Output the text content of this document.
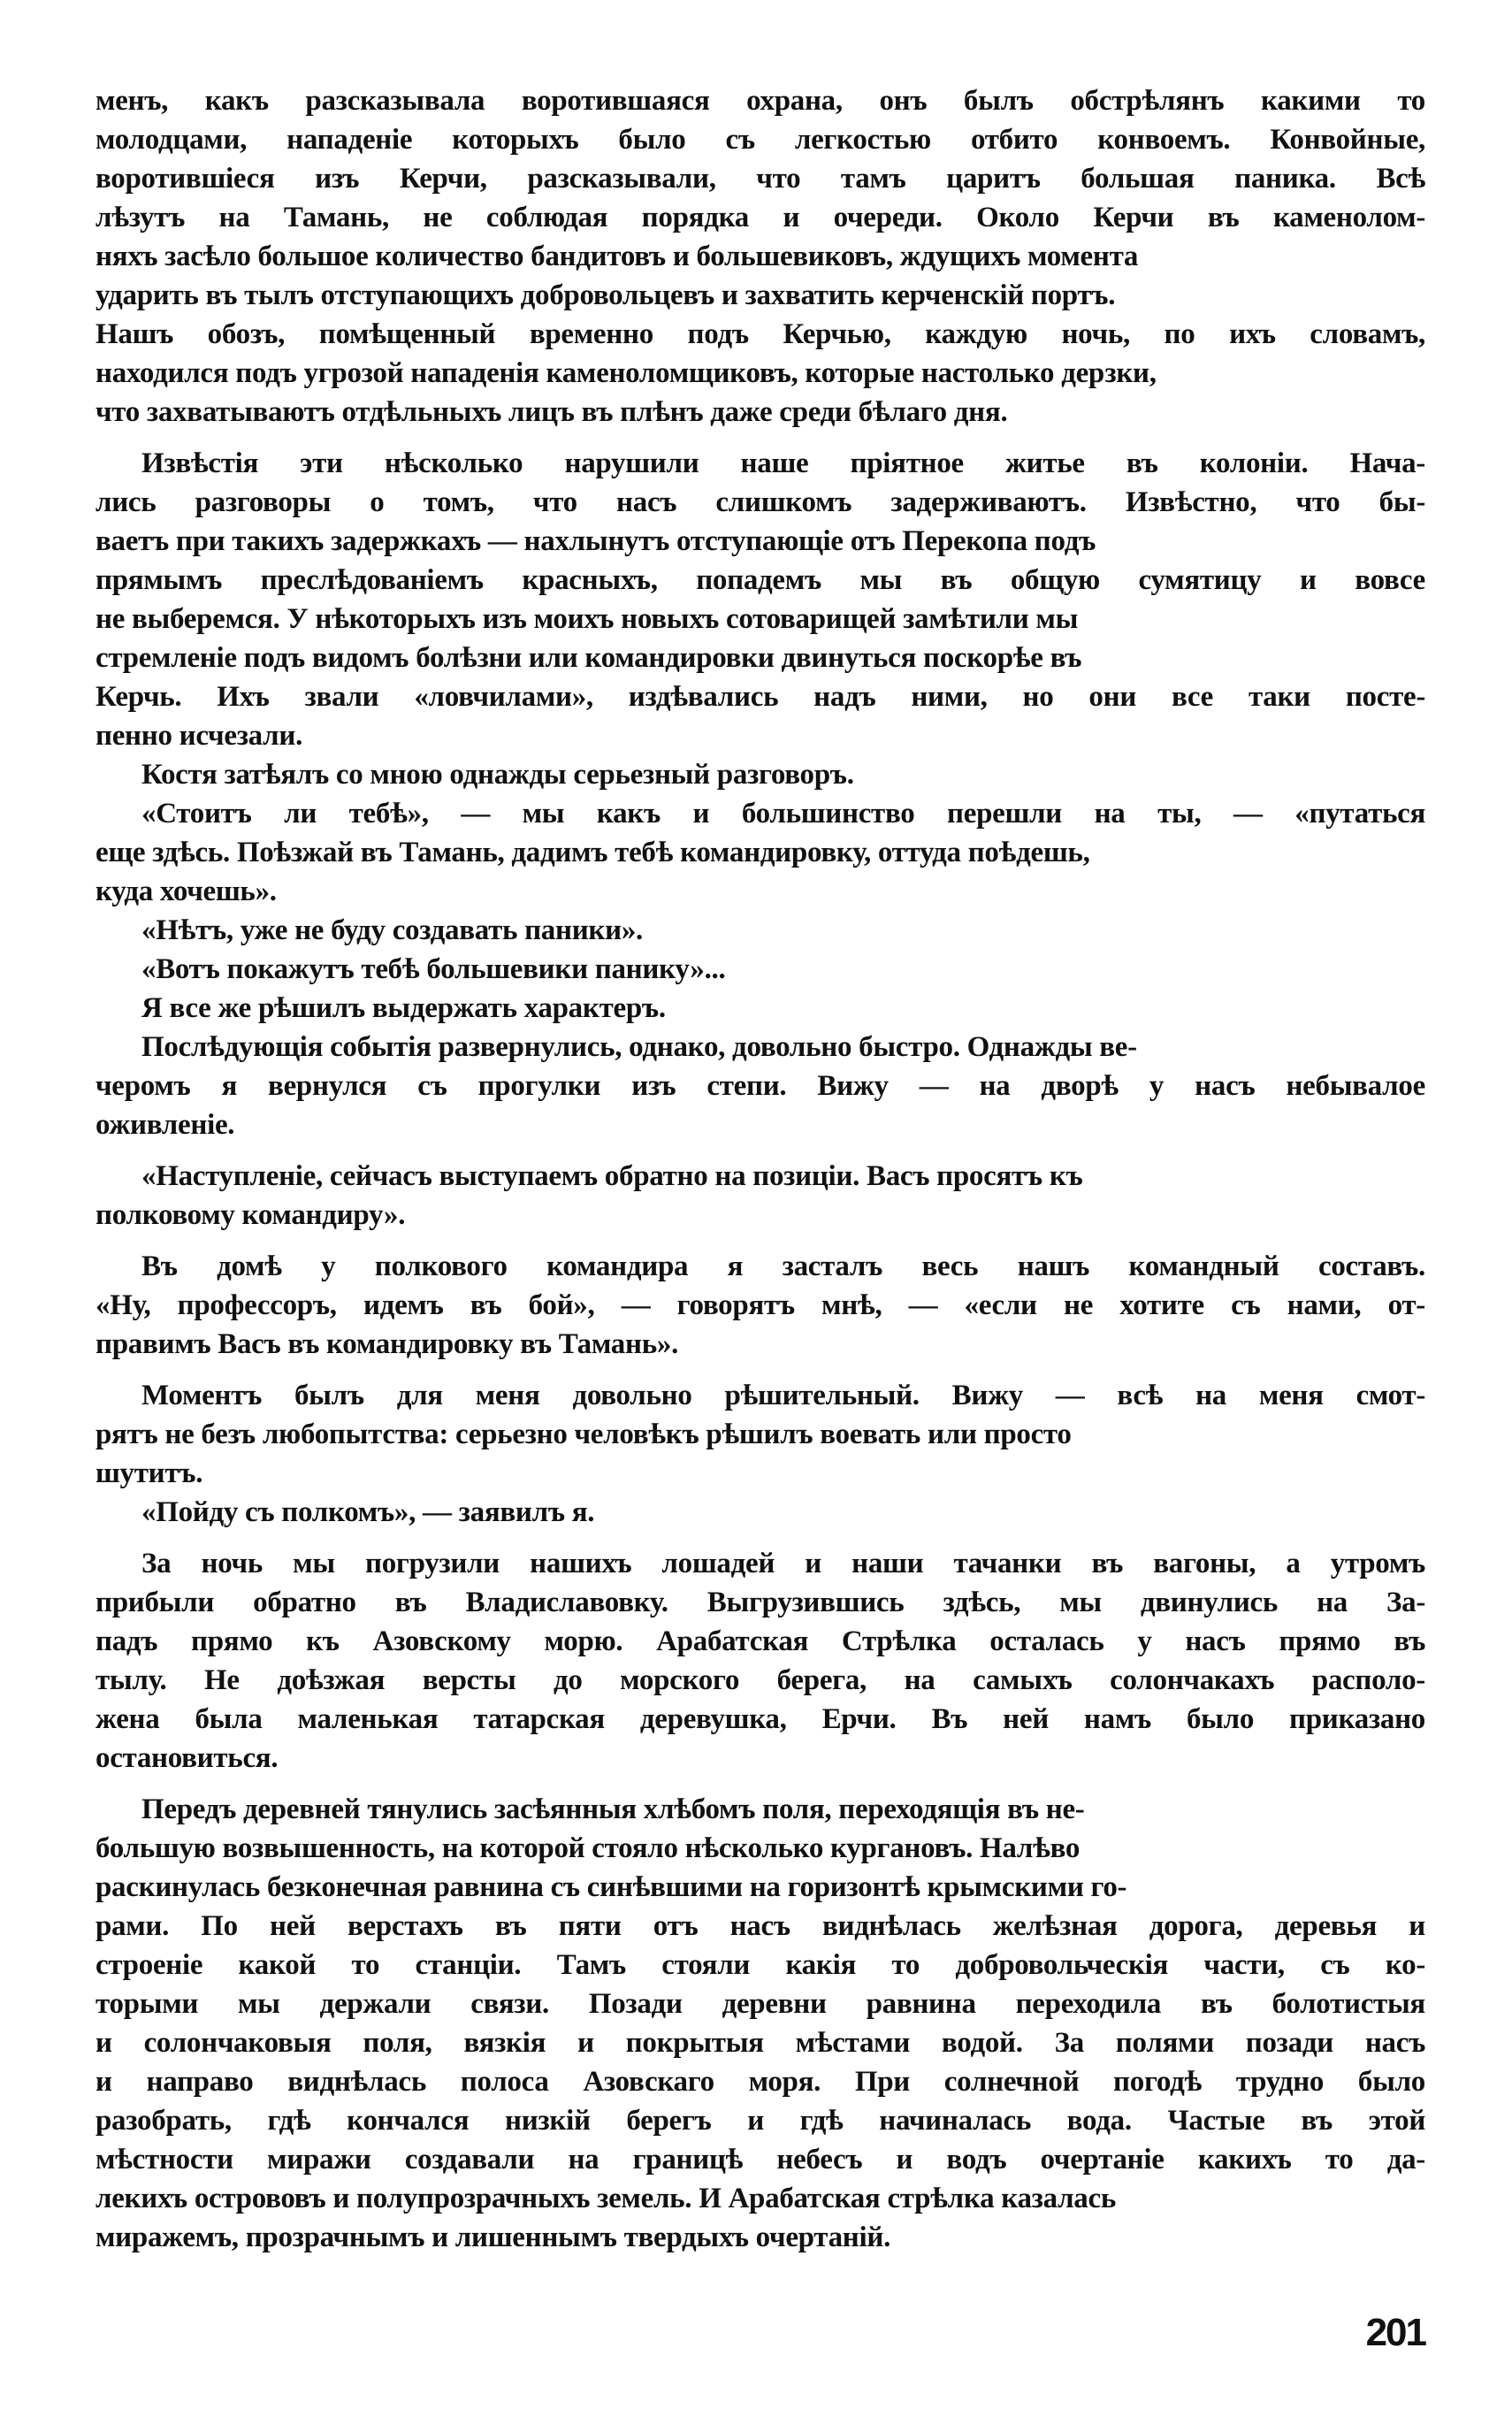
менъ, какъ разсказывала воротившаяся охрана, онъ былъ обстрѣлянъ какими то
молодцами, нападеніе которыхъ было съ легкостью отбито конвоемъ. Конвойные,
воротившіеся изъ Керчи, разсказывали, что тамъ царитъ большая паника. Всѣ
лѣзутъ на Тамань, не соблюдая порядка и очереди. Около Керчи въ каменолом-
няхъ засѣло большое количество бандитовъ и большевиковъ, ждущихъ момента
ударить въ тылъ отступающихъ добровольцевъ и захватить керченскій портъ.
Нашъ обозъ, помѣщенный временно подъ Керчью, каждую ночь, по ихъ словамъ,
находился подъ угрозой нападенія каменоломщиковъ, которые настолько дерзки,
что захватываютъ отдѣльныхъ лицъ въ плѣнъ даже среди бѣлаго дня.
Извѣстія эти нѣсколько нарушили наше пріятное житье въ колоніи. Нача-
лись разговоры о томъ, что насъ слишкомъ задерживаютъ. Извѣстно, что бы-
ваетъ при такихъ задержкахъ — нахлынутъ отступающіе отъ Перекопа подъ
прямымъ преслѣдованіемъ красныхъ, попадемъ мы въ общую сумятицу и вовсе
не выберемся. У нѣкоторыхъ изъ моихъ новыхъ сотоварищей замѣтили мы
стремленіе подъ видомъ болѣзни или командировки двинуться поскорѣе въ
Керчь. Ихъ звали «ловчилами», издѣвались надъ ними, но они все таки посте-
пенно исчезали.
Костя затѣялъ со мною однажды серьезный разговоръ.
«Стоитъ ли тебѣ», — мы какъ и большинство перешли на ты, — «путаться
еще здѣсь. Поѣзжай въ Тамань, дадимъ тебѣ командировку, оттуда поѣдешь,
куда хочешь».
«Нѣтъ, уже не буду создавать паники».
«Вотъ покажутъ тебѣ большевики панику»...
Я все же рѣшилъ выдержать характеръ.
Послѣдующія событія развернулись, однако, довольно быстро. Однажды ве-
черомъ я вернулся съ прогулки изъ степи. Вижу — на дворѣ у насъ небывалое
оживленіе.
«Наступленіе, сейчасъ выступаемъ обратно на позиціи. Васъ просятъ къ
полковому командиру».
Въ домѣ у полкового командира я засталъ весь нашъ командный составъ.
«Ну, профессоръ, идемъ въ бой», — говорятъ мнѣ, — «если не хотите съ нами, от-
правимъ Васъ въ командировку въ Тамань».
Моментъ былъ для меня довольно рѣшительный. Вижу — всѣ на меня смот-
рятъ не безъ любопытства: серьезно человѣкъ рѣшилъ воевать или просто
шутитъ.
«Пойду съ полкомъ», — заявилъ я.
За ночь мы погрузили нашихъ лошадей и наши тачанки въ вагоны, а утромъ
прибыли обратно въ Владиславовку. Выгрузившись здѣсь, мы двинулись на За-
падъ прямо къ Азовскому морю. Арабатская Стрѣлка осталась у насъ прямо въ
тылу. Не доѣзжая версты до морского берега, на самыхъ солончакахъ располо-
жена была маленькая татарская деревушка, Ерчи. Въ ней намъ было приказано
остановиться.
Передъ деревней тянулись засѣянныя хлѣбомъ поля, переходящія въ не-
большую возвышенность, на которой стояло нѣсколько кургановъ. Налѣво
раскинулась безконечная равнина съ синѣвшими на горизонтѣ крымскими го-
рами. По ней верстахъ въ пяти отъ насъ виднѣлась желѣзная дорога, деревья и
строеніе какой то станціи. Тамъ стояли какія то добровольческія части, съ ко-
торыми мы держали связи. Позади деревни равнина переходила въ болотистыя
и солончаковыя поля, вязкія и покрытыя мѣстами водой. За полями позади насъ
и направо виднѣлась полоса Азовскаго моря. При солнечной погодѣ трудно было
разобрать, гдѣ кончался низкій берегъ и гдѣ начиналась вода. Частые въ этой
мѣстности миражи создавали на границѣ небесъ и водъ очертаніе какихъ то да-
лекихъ острововъ и полупрозрачныхъ земель. И Арабатская стрѣлка казалась
миражемъ, прозрачнымъ и лишеннымъ твердыхъ очертаній.
201
